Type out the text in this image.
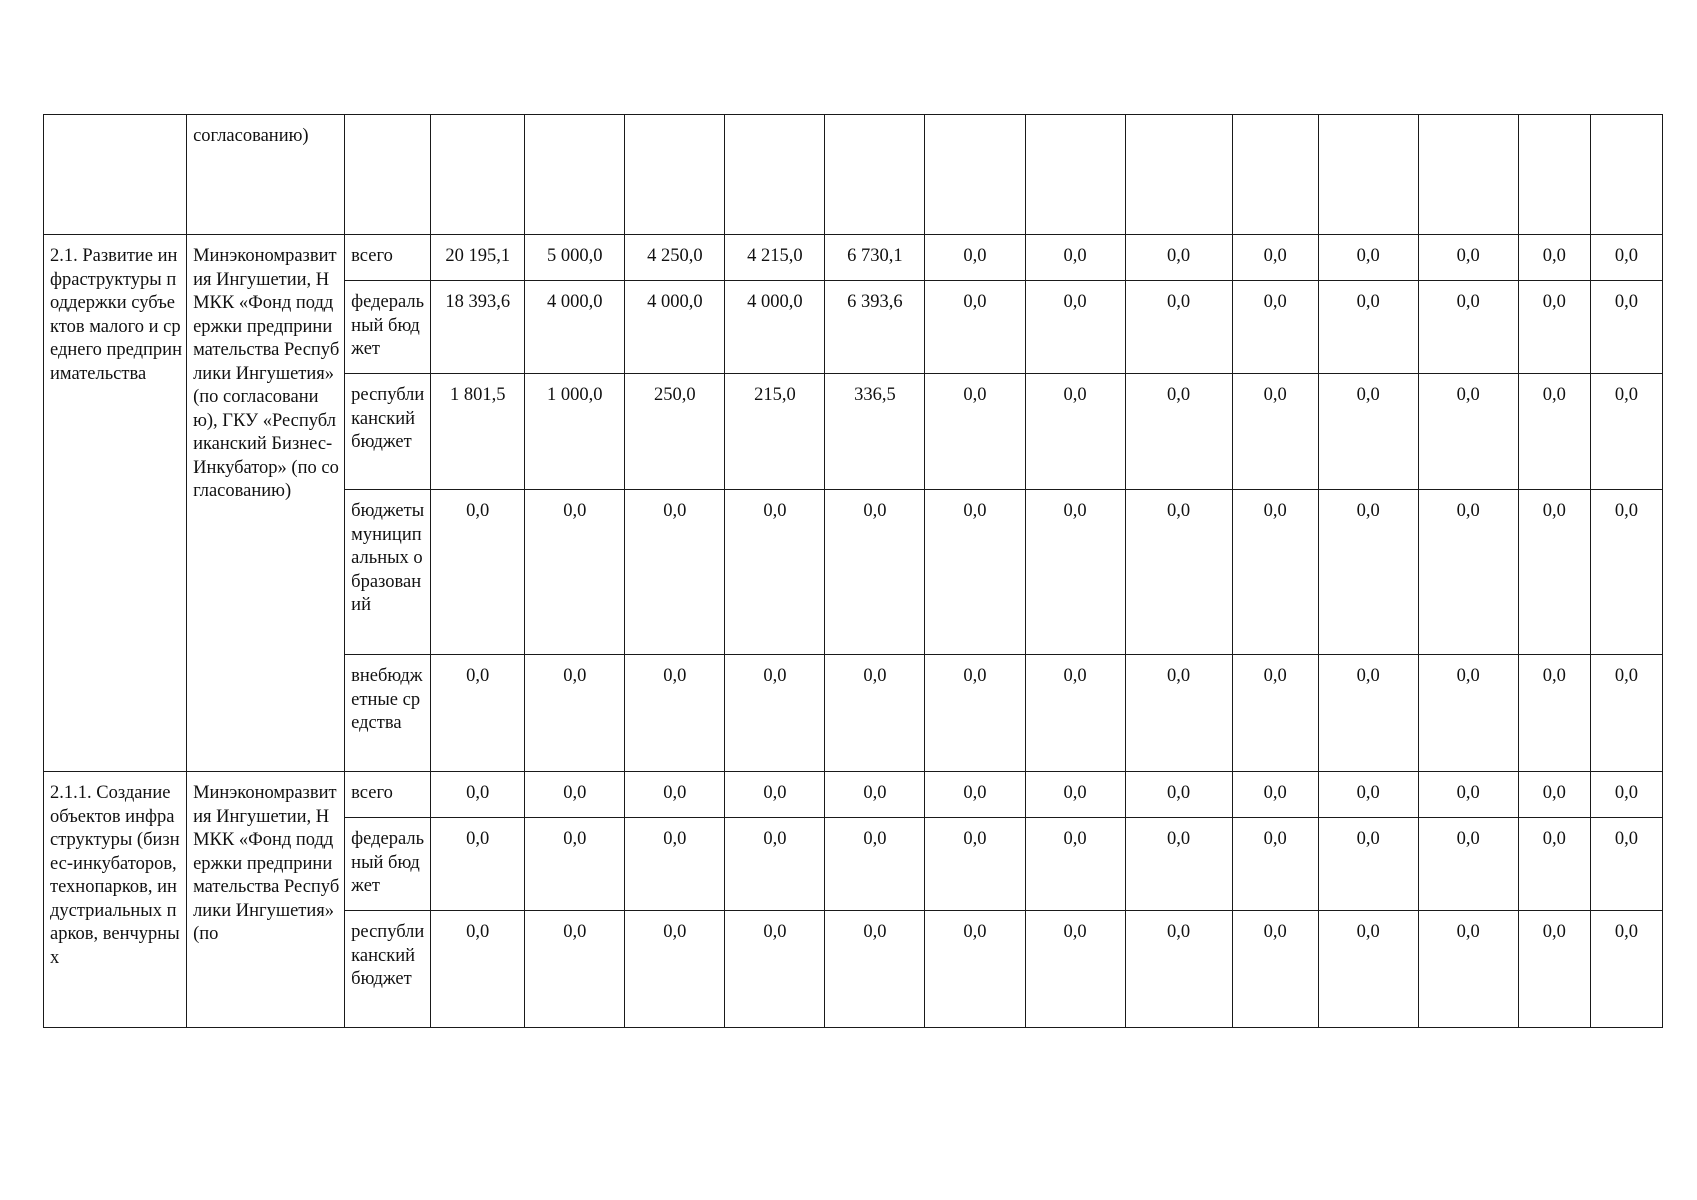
	согласованию)														
2.1. Развитие инфраструктуры поддержки субъектов малого и среднего предпринимательства	Минэкономразвития Ингушетии, НМКК «Фонд поддержки предпринимательства Республики Ингушетия» (по согласованию), ГКУ «Республиканский Бизнес-Инкубатор» (по согласованию)	всего	20 195,1	5 000,0	4 250,0	4 215,0	6 730,1	0,0	0,0	0,0	0,0	0,0	0,0	0,0	0,0
		федеральный бюджет	18 393,6	4 000,0	4 000,0	4 000,0	6 393,6	0,0	0,0	0,0	0,0	0,0	0,0	0,0	0,0
		республиканский бюджет	1 801,5	1 000,0	250,0	215,0	336,5	0,0	0,0	0,0	0,0	0,0	0,0	0,0	0,0
		бюджеты муниципальных образований	0,0	0,0	0,0	0,0	0,0	0,0	0,0	0,0	0,0	0,0	0,0	0,0	0,0
		внебюджетные средства	0,0	0,0	0,0	0,0	0,0	0,0	0,0	0,0	0,0	0,0	0,0	0,0	0,0
2.1.1. Создание объектов инфраструктуры (бизнес-инкубаторов, технопарков, индустриальных парков, венчурных	Минэкономразвития Ингушетии, НМКК «Фонд поддержки предпринимательства Республики Ингушетия» (по	всего	0,0	0,0	0,0	0,0	0,0	0,0	0,0	0,0	0,0	0,0	0,0	0,0	0,0
		федеральный бюджет	0,0	0,0	0,0	0,0	0,0	0,0	0,0	0,0	0,0	0,0	0,0	0,0	0,0
		республиканский бюджет	0,0	0,0	0,0	0,0	0,0	0,0	0,0	0,0	0,0	0,0	0,0	0,0	0,0
